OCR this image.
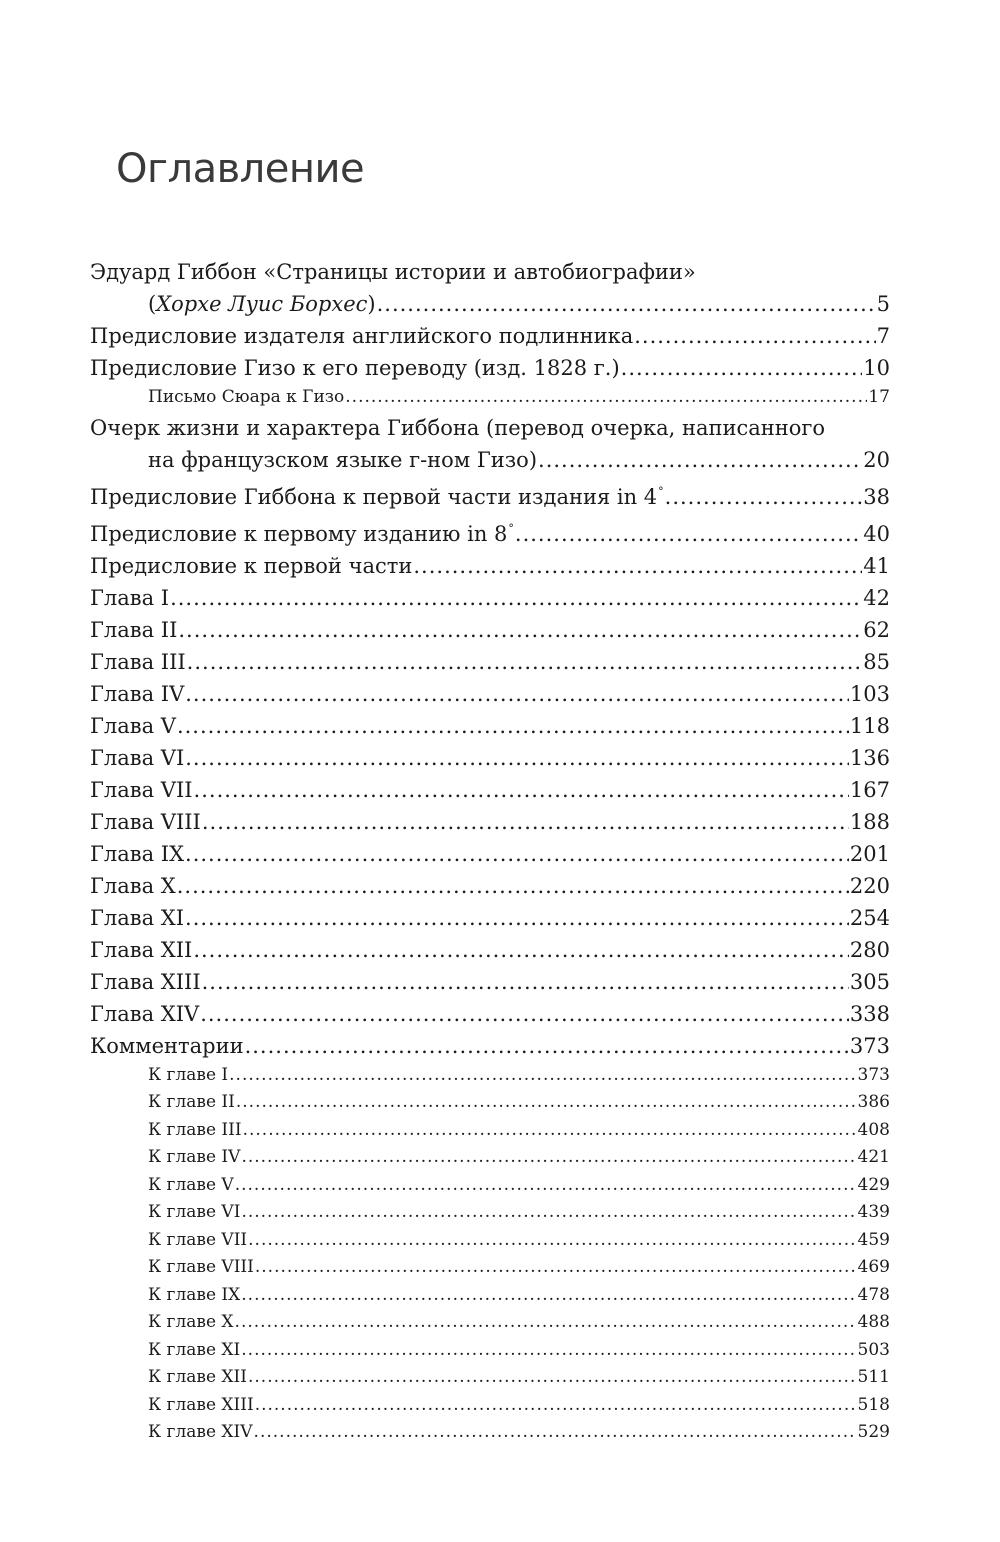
Оглавление
Эдуард Гиббон «Страницы истории и автобиографии»
(Хорхе Луис Борхес) .....	5
Предисловие издателя английского подлинника .....	7
Предисловие Гизо к его переводу (изд. 1828 г.) .....	10
Письмо Сюара к Гизо .....	17
Очерк жизни и характера Гиббона (перевод очерка, написанного
на французском языке г-ном Гизо) .....	20
Предисловие Гиббона к первой части издания in 4° .....	38
Предисловие к первому изданию in 8° .....	40
Предисловие к первой части .....	41
Глава I .....	42
Глава II .....	62
Глава III .....	85
Глава IV .....	103
Глава V .....	118
Глава VI .....	136
Глава VII .....	167
Глава VIII .....	188
Глава IX .....	201
Глава X .....	220
Глава XI .....	254
Глава XII .....	280
Глава XIII .....	305
Глава XIV .....	338
Комментарии .....	373
К главе I .....	373
К главе II .....	386
К главе III .....	408
К главе IV .....	421
К главе V .....	429
К главе VI .....	439
К главе VII .....	459
К главе VIII .....	469
К главе IX .....	478
К главе X .....	488
К главе XI .....	503
К главе XII .....	511
К главе XIII .....	518
К главе XIV .....	529
